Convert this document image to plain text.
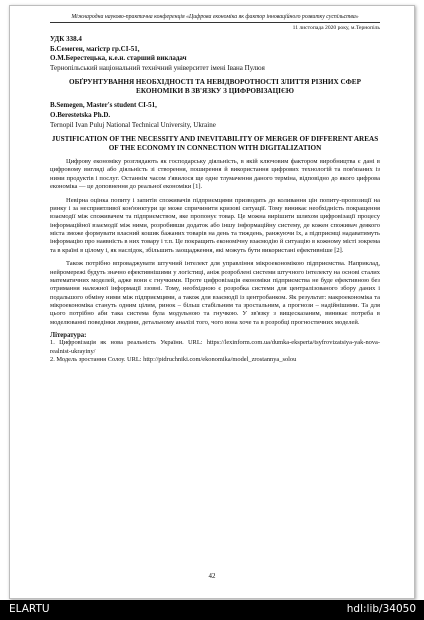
Міжнародна науково-практична конференція «Цифрова економіка як фактор інноваційного розвитку суспільства»
11 листопада 2020 року, м.Тернопіль
УДК 338.4
Б.Семеген, магістр гр.СІ-51,
О.М.Берестецька, к.е.н. старший викладач
Тернопільський національний технічний університет імені Івана Пулюя
ОБҐРУНТУВАННЯ НЕОБХІДНОСТІ ТА НЕВІДВОРОТНОСТІ ЗЛИТТЯ РІЗНИХ СФЕР ЕКОНОМІКИ В ЗВ'ЯЗКУ З ЦИФРОВІЗАЦІЄЮ
B.Semegen, Master's student СІ-51,
O.Berestetska Ph.D.
Ternopil Ivan Puluj National Technical University, Ukraine
JUSTIFICATION OF THE NECESSITY AND INEVITABILITY OF MERGER OF DIFFERENT AREAS OF THE ECONOMY IN CONNECTION WITH DIGITALIZATION

Цифрову економіку розглядають як господарську діяльність, в якій ключовим фактором виробництва є дані в цифровому вигляді або діяльність зі створення, поширення й використання цифрових технологій та пов'язаних із ними продуктів і послуг. Останнім часом з'явилося ще одне тлумачення даного терміна, відповідно до якого цифрова економіка — це доповнення до реальної економіки [1].

Невірна оцінка попиту і запитів споживачів підприємцями призводить до коливання цін попиту-пропозиції на ринку і за несприятливої кон'юнктури це може спричинити кризові ситуації. Тому виникає необхідність покращення взаємодії між споживачем та підприємством, яке пропонує товар. Це можна вирішити шляхом цифровізації процесу інформаційної взаємодії між ними, розробивши додаток або іншу інформаційну систему, де кожен споживач деякого міста зможе формувати власний кошик бажаних товарів на день та тиждень, ранжуючи їх, а підприємці надаватимуть інформацію про наявність в них товару і т.п. Це покращить економічну взаємодію й ситуацію в кожному місті зокрема та в країні в цілому і, як наслідок, збільшить заощадження, які можуть бути використані ефективніше [2].

Також потрібно впроваджувати штучний інтелект для управління мікроекономікою підприємства. Наприклад, нейромережі будуть значно ефективнішими у логістиці, аніж розроблені системи штучного інтелекту на основі сталих математичних моделей, адже вони є гнучкими. Проте цифровізація економіки підприємства не буде ефективною без отримання належної інформації ззовні. Тому, необхідною є розробка системи для централізованого збору даних і подальшого обміну ними між підприємцями, а також для взаємодії із центробанком. Як результат: макроекономіка та мікроекономіка стануть одним цілим, ринок – більш стабільним та зростальним, а прогнози – надійнішими. Та для цього потрібно аби така система була модульною та гнучкою. У зв'язку з вищесказаним, виникає потреба в моделюванні поведінки людини, детальному аналізі того, чого вона хоче та в розробці прогностичних моделей.

Література:
1. Цифровізація як нова реальність України. URL: https://lexinform.com.ua/dumka-eksperta/tsyfrovizatsiya-yak-nova-realnist-ukrayiny/
2. Модель зростання Солоу. URL: http://pidruchniki.com/ekonomika/model_zrostannya_solou
42
ELARTU	hdl:lib/34050
